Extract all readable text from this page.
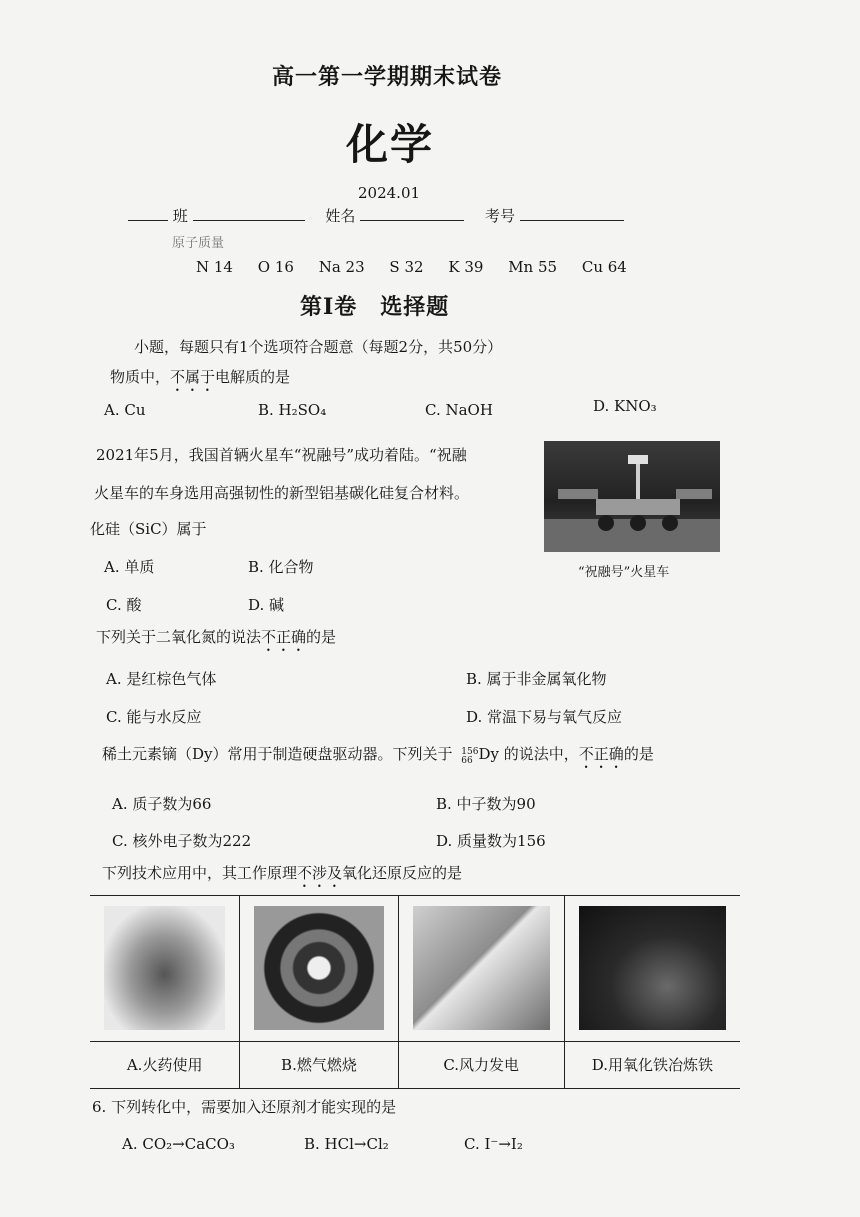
高一第一学期期末试卷
化学
2024.01
班	姓名	考号
原子质量
N 14 O 16 Na 23 S 32 K 39 Mn 55 Cu 64
第Ⅰ卷　选择题
小题，每题只有1个选项符合题意（每题2分，共50分）
物质中，不属于电解质的是
A. Cu	B. H₂SO₄	C. NaOH	D. KNO₃
2021年5月，我国首辆火星车“祝融号”成功着陆。“祝融
火星车的车身选用高强韧性的新型铝基碳化硅复合材料。
化硅（SiC）属于
A. 单质	B. 化合物
C. 酸	D. 碱
“祝融号”火星车
下列关于二氧化氮的说法不正确的是
A. 是红棕色气体	B. 属于非金属氧化物
C. 能与水反应	D. 常温下易与氧气反应
稀土元素镝（Dy）常用于制造硬盘驱动器。下列关于 156
66 Dy 的说法中，不正确的是
A. 质子数为66	B. 中子数为90
C. 核外电子数为222	D. 质量数为156
下列技术应用中，其工作原理不涉及氧化还原反应的是
A.火药使用	B.燃气燃烧	C.风力发电	D.用氧化铁冶炼铁
6. 下列转化中，需要加入还原剂才能实现的是
A. CO₂→CaCO₃	B. HCl→Cl₂	C. I⁻→I₂
